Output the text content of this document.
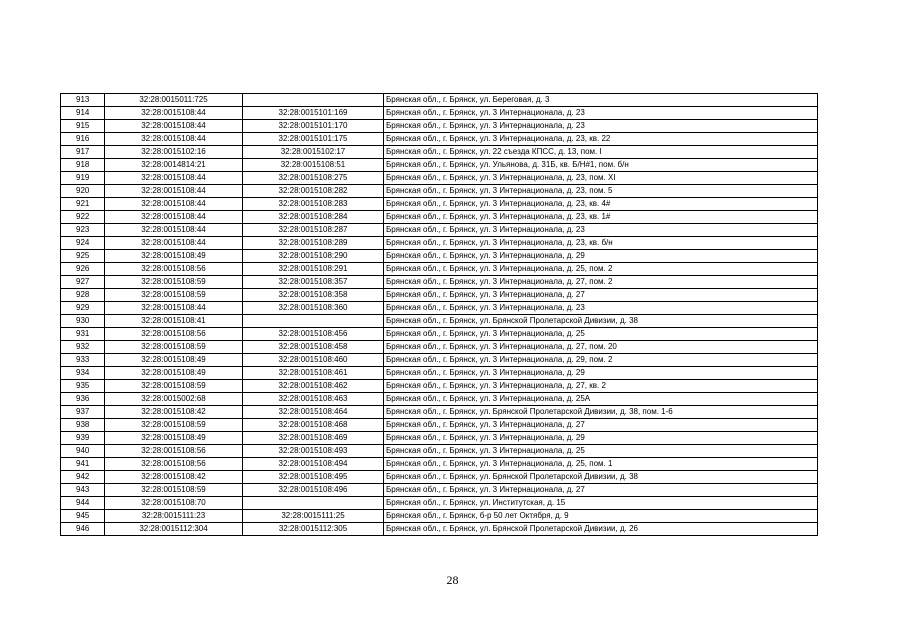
913	32:28:0015011:725		Брянская обл., г. Брянск, ул. Береговая, д. 3
914	32:28:0015108:44	32:28:0015101:169	Брянская обл., г. Брянск, ул. 3 Интернационала, д. 23
915	32:28:0015108:44	32:28:0015101:170	Брянская обл., г. Брянск, ул. 3 Интернационала, д. 23
916	32:28:0015108:44	32:28:0015101:175	Брянская обл., г. Брянск, ул. 3 Интернационала, д. 23, кв. 22
917	32:28:0015102:16	32:28:0015102:17	Брянская обл., г. Брянск, ул. 22 съезда КПСС, д. 13, пом. I
918	32:28:0014814:21	32:28:0015108:51	Брянская обл., г. Брянск, ул. Ульянова, д. 31Б, кв. Б/Н#1, пом. б/н
919	32:28:0015108:44	32:28:0015108:275	Брянская обл., г. Брянск, ул. 3 Интернационала, д. 23, пом. XI
920	32:28:0015108:44	32:28:0015108:282	Брянская обл., г. Брянск, ул. 3 Интернационала, д. 23, пом. 5
921	32:28:0015108:44	32:28:0015108:283	Брянская обл., г. Брянск, ул. 3 Интернационала, д. 23, кв. 4#
922	32:28:0015108:44	32:28:0015108:284	Брянская обл., г. Брянск, ул. 3 Интернационала, д. 23, кв. 1#
923	32:28:0015108:44	32:28:0015108:287	Брянская обл., г. Брянск, ул. 3 Интернационала, д. 23
924	32:28:0015108:44	32:28:0015108:289	Брянская обл., г. Брянск, ул. 3 Интернационала, д. 23, кв. б/н
925	32:28:0015108:49	32:28:0015108:290	Брянская обл., г. Брянск, ул. 3 Интернационала, д. 29
926	32:28:0015108:56	32:28:0015108:291	Брянская обл., г. Брянск, ул. 3 Интернационала, д. 25, пом. 2
927	32:28:0015108:59	32:28:0015108:357	Брянская обл., г. Брянск, ул. 3 Интернационала, д. 27, пом. 2
928	32:28:0015108:59	32:28:0015108:358	Брянская обл., г. Брянск, ул. 3 Интернационала, д. 27
929	32:28:0015108:44	32:28:0015108:360	Брянская обл., г. Брянск, ул. 3 Интернационала, д. 23
930	32:28:0015108:41		Брянская обл., г. Брянск, ул. Брянской Пролетарской Дивизии, д. 38
931	32:28:0015108:56	32:28:0015108:456	Брянская обл., г. Брянск, ул. 3 Интернационала, д. 25
932	32:28:0015108:59	32:28:0015108:458	Брянская обл., г. Брянск, ул. 3 Интернационала, д. 27, пом. 20
933	32:28:0015108:49	32:28:0015108:460	Брянская обл., г. Брянск, ул. 3 Интернационала, д. 29, пом. 2
934	32:28:0015108:49	32:28:0015108:461	Брянская обл., г. Брянск, ул. 3 Интернационала, д. 29
935	32:28:0015108:59	32:28:0015108:462	Брянская обл., г. Брянск, ул. 3 Интернационала, д. 27, кв. 2
936	32:28:0015002:68	32:28:0015108:463	Брянская обл., г. Брянск, ул. 3 Интернационала, д. 25А
937	32:28:0015108:42	32:28:0015108:464	Брянская обл., г. Брянск, ул. Брянской Пролетарской Дивизии, д. 38, пом. 1-6
938	32:28:0015108:59	32:28:0015108:468	Брянская обл., г. Брянск, ул. 3 Интернационала, д. 27
939	32:28:0015108:49	32:28:0015108:469	Брянская обл., г. Брянск, ул. 3 Интернационала, д. 29
940	32:28:0015108:56	32:28:0015108:493	Брянская обл., г. Брянск, ул. 3 Интернационала, д. 25
941	32:28:0015108:56	32:28:0015108:494	Брянская обл., г. Брянск, ул. 3 Интернационала, д. 25, пом. 1
942	32:28:0015108:42	32:28:0015108:495	Брянская обл., г. Брянск, ул. Брянской Пролетарской Дивизии, д. 38
943	32:28:0015108:59	32:28:0015108:496	Брянская обл., г. Брянск, ул. 3 Интернационала, д. 27
944	32:28:0015108:70		Брянская обл., г. Брянск, ул. Институтская, д. 15
945	32:28:0015111:23	32:28:0015111:25	Брянская обл., г. Брянск, б-р 50 лет Октября, д. 9
946	32:28:0015112:304	32:28:0015112:305	Брянская обл., г. Брянск, ул. Брянской Пролетарской Дивизии, д. 26
28
